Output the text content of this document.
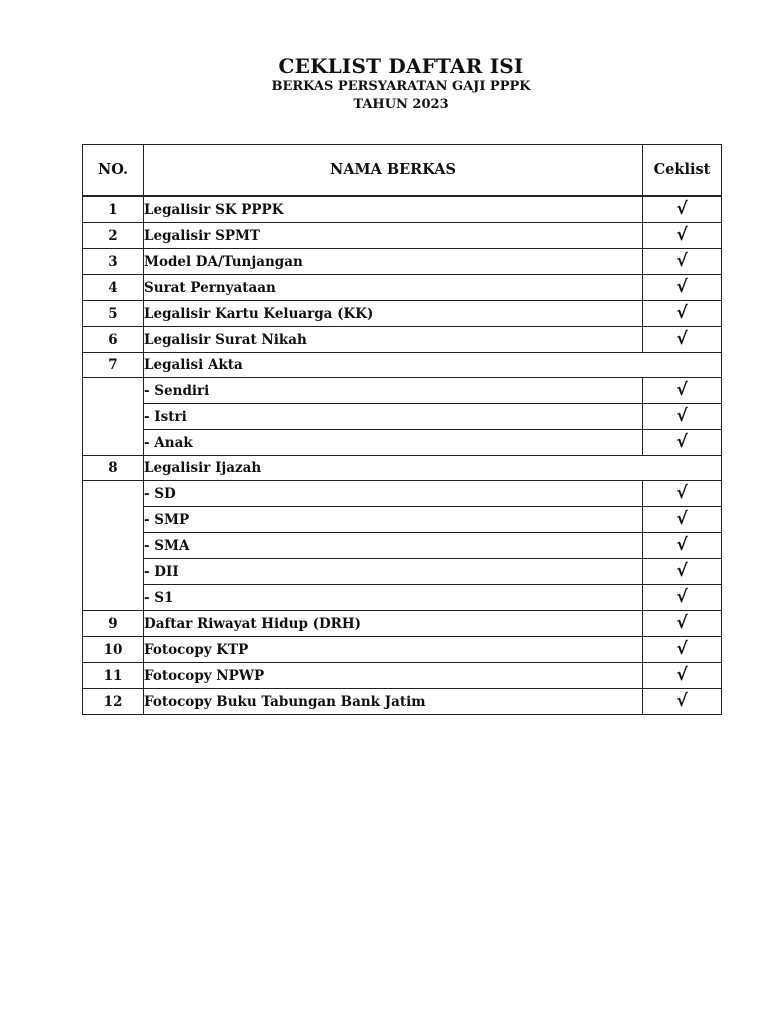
CEKLIST DAFTAR ISI
BERKAS PERSYARATAN GAJI PPPK
TAHUN 2023
NO.	NAMA BERKAS	Ceklist
1	Legalisir SK PPPK	√
2	Legalisir SPMT	√
3	Model DA/Tunjangan	√
4	Surat Pernyataan	√
5	Legalisir Kartu Keluarga (KK)	√
6	Legalisir Surat Nikah	√
7	Legalisi Akta	
	- Sendiri	√
	- Istri	√
	- Anak	√
8	Legalisir Ijazah	
	- SD	√
	- SMP	√
	- SMA	√
	- DII	√
	- S1	√
9	Daftar Riwayat Hidup (DRH)	√
10	Fotocopy KTP	√
11	Fotocopy NPWP	√
12	Fotocopy Buku Tabungan Bank Jatim	√
